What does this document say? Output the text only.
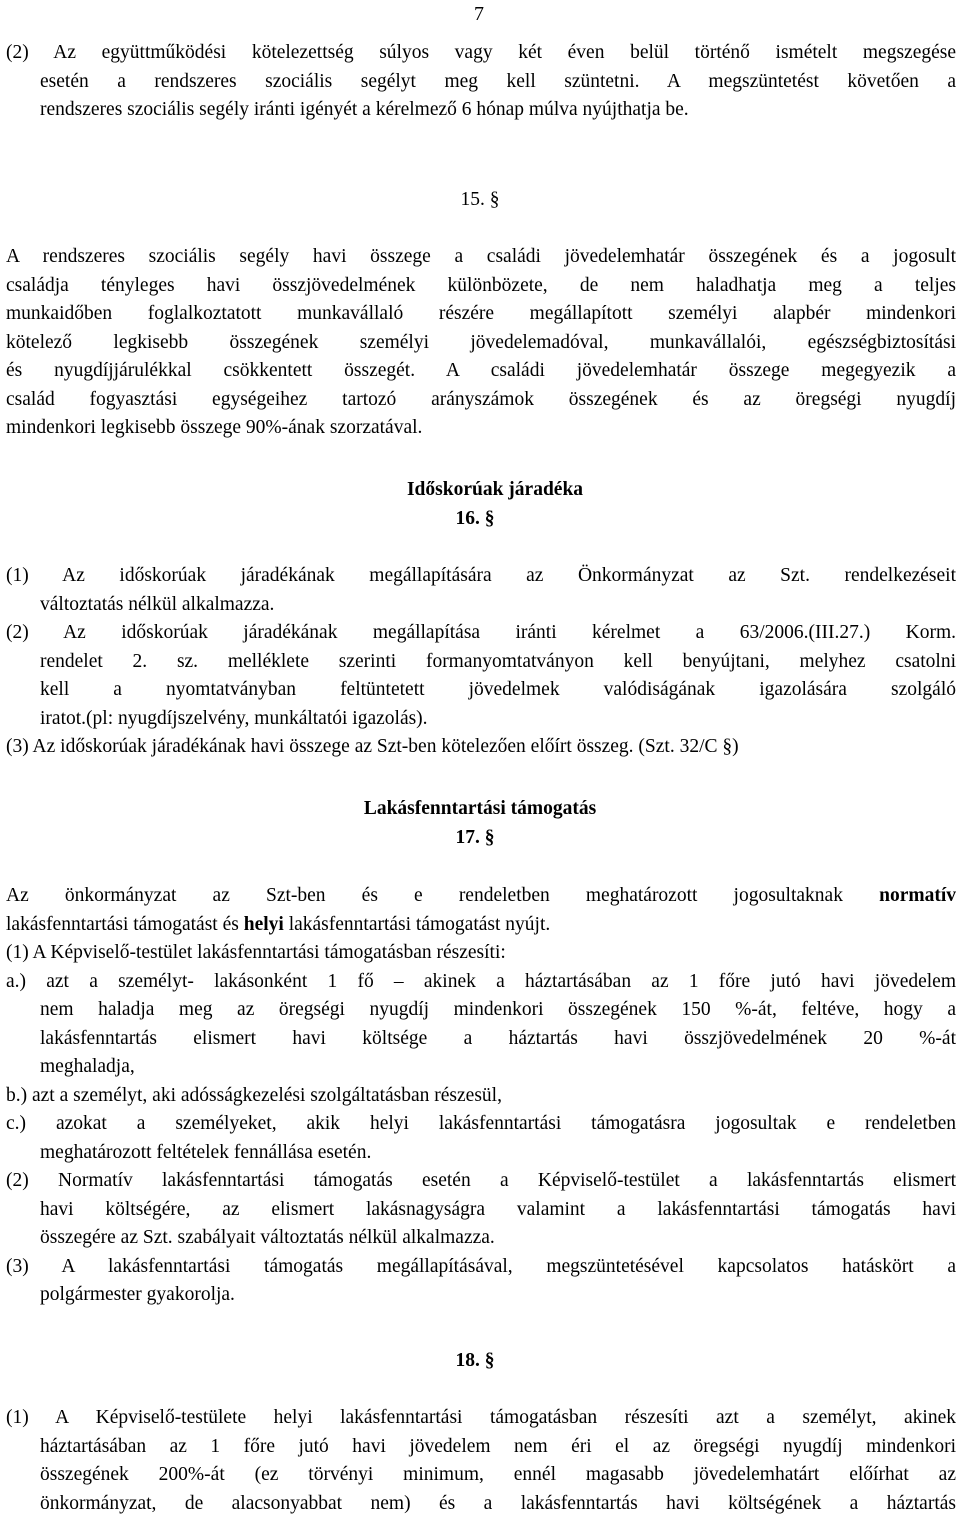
7

(2) Az együttműködési kötelezettség súlyos vagy két éven belül történő ismételt megszegése

esetén a rendszeres szociális segélyt meg kell szüntetni. A megszüntetést követően a

rendszeres szociális segély iránti igényét a kérelmező 6 hónap múlva nyújthatja be.

15. §

A rendszeres szociális segély havi összege a családi jövedelemhatár összegének és a jogosult

családja tényleges havi összjövedelmének különbözete, de nem haladhatja meg a teljes

munkaidőben foglalkoztatott munkavállaló részére megállapított személyi alapbér mindenkori

kötelező legkisebb összegének személyi jövedelemadóval, munkavállalói, egészségbiztosítási

és nyugdíjjárulékkal csökkentett összegét. A családi jövedelemhatár összege megegyezik a

család fogyasztási egységeihez tartozó arányszámok összegének és az öregségi nyugdíj

mindenkori legkisebb összege 90%-ának szorzatával.

Időskorúak járadéka

16. §

(1) Az időskorúak járadékának megállapítására az Önkormányzat az Szt. rendelkezéseit

változtatás nélkül alkalmazza.

(2) Az időskorúak járadékának megállapítása iránti kérelmet a 63/2006.(III.27.) Korm.

rendelet 2. sz. melléklete szerinti formanyomtatványon kell benyújtani, melyhez csatolni

kell a nyomtatványban feltüntetett jövedelmek valódiságának igazolására szolgáló

iratot.(pl: nyugdíjszelvény, munkáltatói igazolás).

(3) Az időskorúak járadékának havi összege az Szt-ben kötelezően előírt összeg. (Szt. 32/C §)

Lakásfenntartási támogatás

17. §

Az önkormányzat az Szt-ben és e rendeletben meghatározott jogosultaknak normatív

lakásfenntartási támogatást és helyi lakásfenntartási támogatást nyújt.

(1) A Képviselő-testület lakásfenntartási támogatásban részesíti:

a.) azt a személyt- lakásonként 1 fő – akinek a háztartásában az 1 főre jutó havi jövedelem

nem haladja meg az öregségi nyugdíj mindenkori összegének 150 %-át, feltéve, hogy a

lakásfenntartás elismert havi költsége a háztartás havi összjövedelmének 20 %-át

meghaladja,

b.) azt a személyt, aki adósságkezelési szolgáltatásban részesül,

c.) azokat a személyeket, akik helyi lakásfenntartási támogatásra jogosultak e rendeletben

meghatározott feltételek fennállása esetén.

(2) Normatív lakásfenntartási támogatás esetén a Képviselő-testület a lakásfenntartás elismert

havi költségére, az elismert lakásnagyságra valamint a lakásfenntartási támogatás havi

összegére az Szt. szabályait változtatás nélkül alkalmazza.

(3) A lakásfenntartási támogatás megállapításával, megszüntetésével kapcsolatos hatáskört a

polgármester gyakorolja.

18. §

(1) A Képviselő-testülete helyi lakásfenntartási támogatásban részesíti azt a személyt, akinek

háztartásában az 1 főre jutó havi jövedelem nem éri el az öregségi nyugdíj mindenkori

összegének 200%-át (ez törvényi minimum, ennél magasabb jövedelemhatárt előírhat az

önkormányzat, de alacsonyabbat nem) és a lakásfenntartás havi költségének a háztartás
